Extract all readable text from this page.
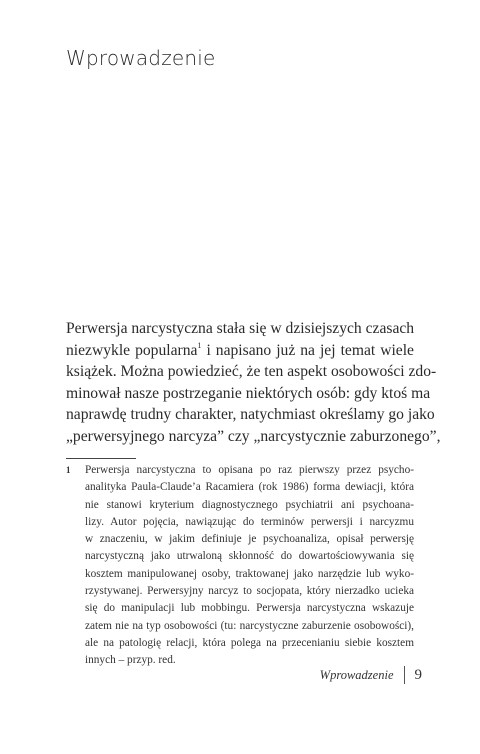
Wprowadzenie
Perwersja narcystyczna stała się w dzisiejszych czasach
niezwykle popularna$^1$ i napisano już na jej temat wiele
książek. Można powiedzieć, że ten aspekt osobowości zdo-
minował nasze postrzeganie niektórych osób: gdy ktoś ma
naprawdę trudny charakter, natychmiast określamy go jako
„perwersyjnego narcyza” czy „narcystycznie zaburzonego”,
1 Perwersja narcystyczna to opisana po raz pierwszy przez psycho-
analityka Paula-Claude’a Racamiera (rok 1986) forma dewiacji, która
nie stanowi kryterium diagnostycznego psychiatrii ani psychoana-
lizy. Autor pojęcia, nawiązując do terminów perwersji i narcyzmu
w znaczeniu, w jakim definiuje je psychoanaliza, opisał perwersję
narcystyczną jako utrwaloną skłonność do dowartościowywania się
kosztem manipulowanej osoby, traktowanej jako narzędzie lub wyko-
rzystywanej. Perwersyjny narcyz to socjopata, który nierzadko ucieka
się do manipulacji lub mobbingu. Perwersja narcystyczna wskazuje
zatem nie na typ osobowości (tu: narcystyczne zaburzenie osobowości),
ale na patologię relacji, która polega na przecenianiu siebie kosztem
innych – przyp. red.
Wprowadzenie 9
